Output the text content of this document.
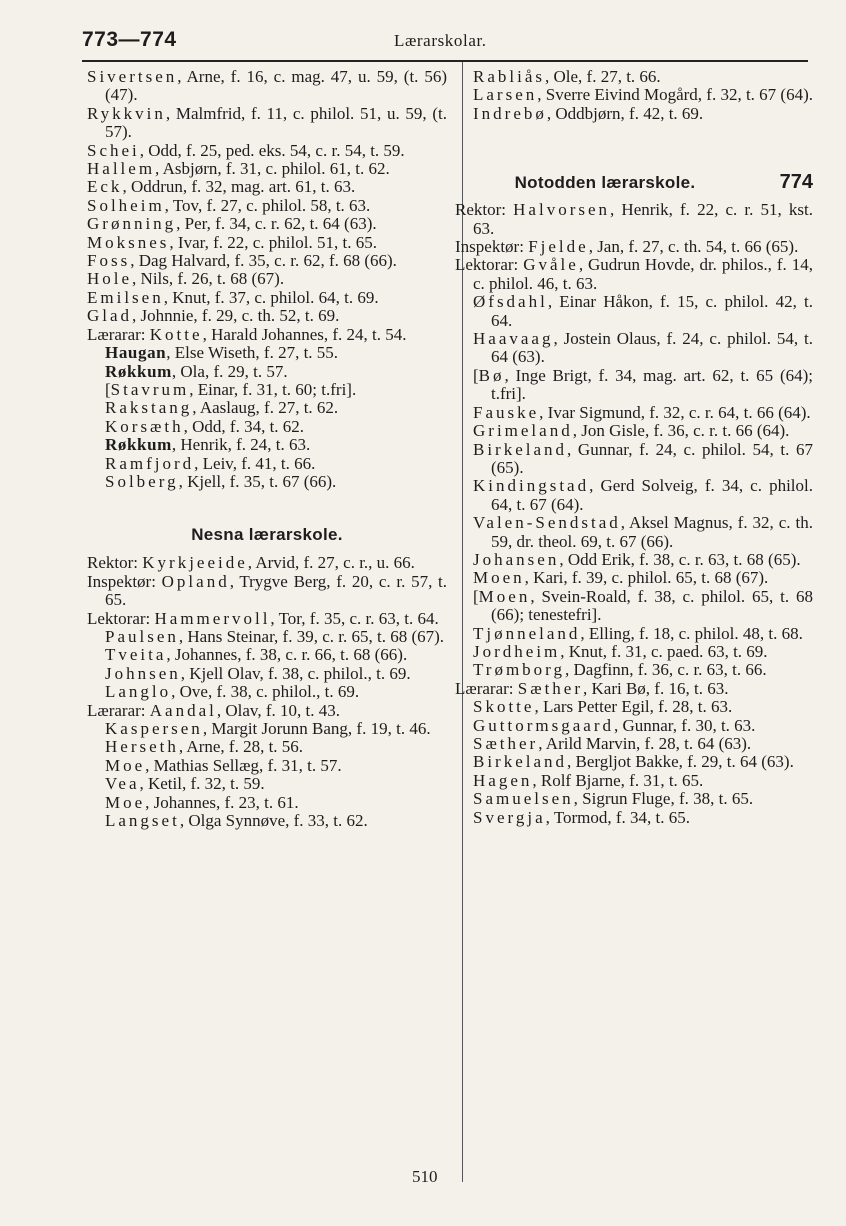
773—774	Lærarskolar.

Sivertsen, Arne, f. 16, c. mag. 47, u. 59, (t. 56) (47).

Rykkvin, Malmfrid, f. 11, c. philol. 51, u. 59, (t. 57).

Schei, Odd, f. 25, ped. eks. 54, c. r. 54, t. 59.

Hallem, Asbjørn, f. 31, c. philol. 61, t. 62.

Eck, Oddrun, f. 32, mag. art. 61, t. 63.

Solheim, Tov, f. 27, c. philol. 58, t. 63.

Grønning, Per, f. 34, c. r. 62, t. 64 (63).

Moksnes, Ivar, f. 22, c. philol. 51, t. 65.

Foss, Dag Halvard, f. 35, c. r. 62, f. 68 (66).

Hole, Nils, f. 26, t. 68 (67).

Emilsen, Knut, f. 37, c. philol. 64, t. 69.

Glad, Johnnie, f. 29, c. th. 52, t. 69.

Lærarar: Kotte, Harald Johannes, f. 24, t. 54.

Haugan, Else Wiseth, f. 27, t. 55.

Røkkum, Ola, f. 29, t. 57.

[Stavrum, Einar, f. 31, t. 60; t.fri].

Rakstang, Aaslaug, f. 27, t. 62.

Korsæth, Odd, f. 34, t. 62.

Røkkum, Henrik, f. 24, t. 63.

Ramfjord, Leiv, f. 41, t. 66.

Solberg, Kjell, f. 35, t. 67 (66).

Nesna lærarskole.

Rektor: Kyrkjeeide, Arvid, f. 27, c. r., u. 66.

Inspektør: Opland, Trygve Berg, f. 20, c. r. 57, t. 65.

Lektorar: Hammervoll, Tor, f. 35, c. r. 63, t. 64.

Paulsen, Hans Steinar, f. 39, c. r. 65, t. 68 (67).

Tveita, Johannes, f. 38, c. r. 66, t. 68 (66).

Johnsen, Kjell Olav, f. 38, c. philol., t. 69.

Langlo, Ove, f. 38, c. philol., t. 69.

Lærarar: Aandal, Olav, f. 10, t. 43.

Kaspersen, Margit Jorunn Bang, f. 19, t. 46.

Herseth, Arne, f. 28, t. 56.

Moe, Mathias Sellæg, f. 31, t. 57.

Vea, Ketil, f. 32, t. 59.

Moe, Johannes, f. 23, t. 61.

Langset, Olga Synnøve, f. 33, t. 62.

Rabliås, Ole, f. 27, t. 66.

Larsen, Sverre Eivind Mogård, f. 32, t. 67 (64).

Indrebø, Oddbjørn, f. 42, t. 69.

Notodden lærarskole.	774

Rektor: Halvorsen, Henrik, f. 22, c. r. 51, kst. 63.

Inspektør: Fjelde, Jan, f. 27, c. th. 54, t. 66 (65).

Lektorar: Gvåle, Gudrun Hovde, dr. philos., f. 14, c. philol. 46, t. 63.

Øfsdahl, Einar Håkon, f. 15, c. philol. 42, t. 64.

Haavaag, Jostein Olaus, f. 24, c. philol. 54, t. 64 (63).

[Bø, Inge Brigt, f. 34, mag. art. 62, t. 65 (64); t.fri].

Fauske, Ivar Sigmund, f. 32, c. r. 64, t. 66 (64).

Grimeland, Jon Gisle, f. 36, c. r. t. 66 (64).

Birkeland, Gunnar, f. 24, c. philol. 54, t. 67 (65).

Kindingstad, Gerd Solveig, f. 34, c. philol. 64, t. 67 (64).

Valen-Sendstad, Aksel Magnus, f. 32, c. th. 59, dr. theol. 69, t. 67 (66).

Johansen, Odd Erik, f. 38, c. r. 63, t. 68 (65).

Moen, Kari, f. 39, c. philol. 65, t. 68 (67).

[Moen, Svein-Roald, f. 38, c. philol. 65, t. 68 (66); tenestefri].

Tjønneland, Elling, f. 18, c. philol. 48, t. 68.

Jordheim, Knut, f. 31, c. paed. 63, t. 69.

Trømborg, Dagfinn, f. 36, c. r. 63, t. 66.

Lærarar: Sæther, Kari Bø, f. 16, t. 63.

Skotte, Lars Petter Egil, f. 28, t. 63.

Guttormsgaard, Gunnar, f. 30, t. 63.

Sæther, Arild Marvin, f. 28, t. 64 (63).

Birkeland, Bergljot Bakke, f. 29, t. 64 (63).

Hagen, Rolf Bjarne, f. 31, t. 65.

Samuelsen, Sigrun Fluge, f. 38, t. 65.

Svergja, Tormod, f. 34, t. 65.

510
